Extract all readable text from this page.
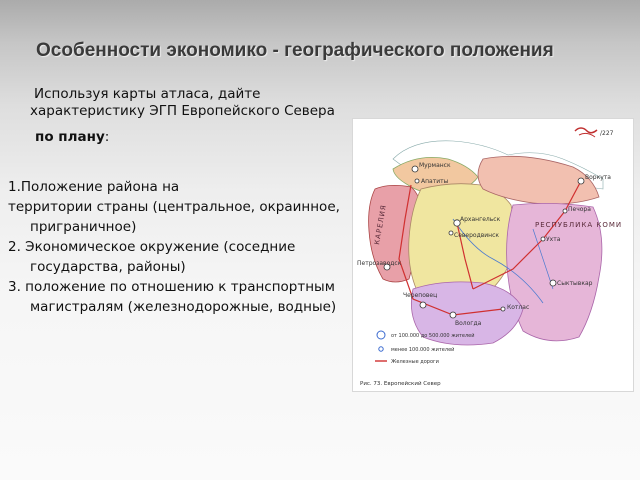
Особенности экономико - географического положения
Используя карты атласа, дайте
характеристику ЭГП Европейского Севера
по плану:
1.Положение района на
территории страны (центральное, окраинное,
приграничное)
2. Экономическое окружение (соседние
государства, районы)
3. положение по отношению к транспортным
магистралям (железнодорожные, водные)
/227
Мурманск
Апатиты
Архангельск
Северодвинск
Воркута
Печора
Ухта
Сыктывкар
Петрозаводск
Котлас
Вологда
Череповец
КАРЕЛИЯ	РЕСПУБЛИКА КОМИ
от 100.000 до 500.000 жителей
менее 100.000 жителей
Железные дороги
Рис. 73. Европейский Север
